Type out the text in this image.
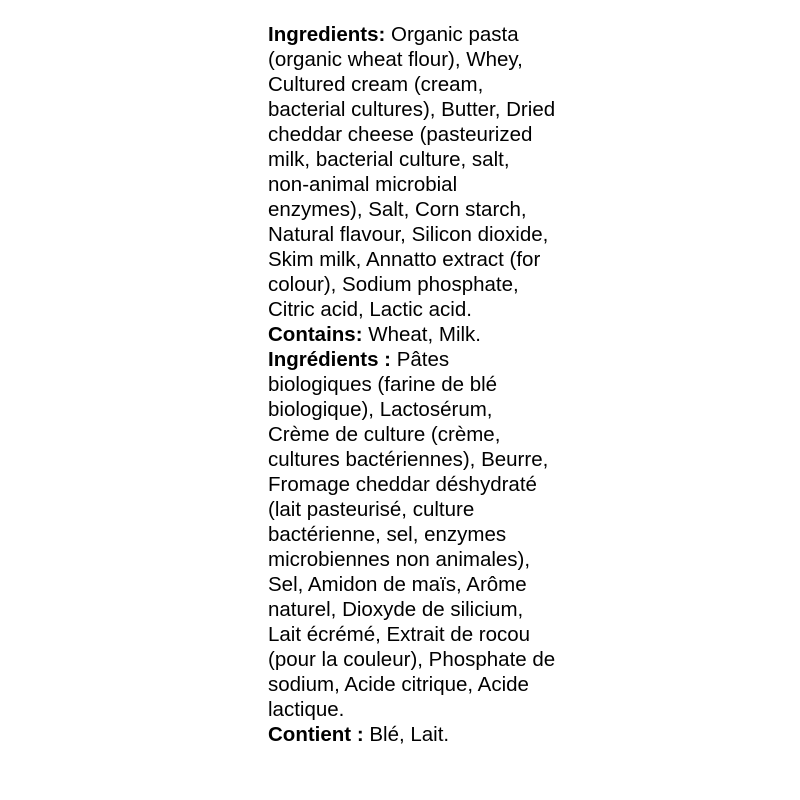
Ingredients: Organic pasta (organic wheat flour), Whey, Cultured cream (cream, bacterial cultures), Butter, Dried cheddar cheese (pasteurized milk, bacterial culture, salt, non-animal microbial enzymes), Salt, Corn starch, Natural flavour, Silicon dioxide, Skim milk, Annatto extract (for colour), Sodium phosphate, Citric acid, Lactic acid.

Contains: Wheat, Milk.

Ingrédients : Pâtes biologiques (farine de blé biologique), Lactosérum, Crème de culture (crème, cultures bactériennes), Beurre, Fromage cheddar déshydraté (lait pasteurisé, culture bactérienne, sel, enzymes microbiennes non animales), Sel, Amidon de maïs, Arôme naturel, Dioxyde de silicium, Lait écrémé, Extrait de rocou (pour la couleur), Phosphate de sodium, Acide citrique, Acide lactique.

Contient : Blé, Lait.
